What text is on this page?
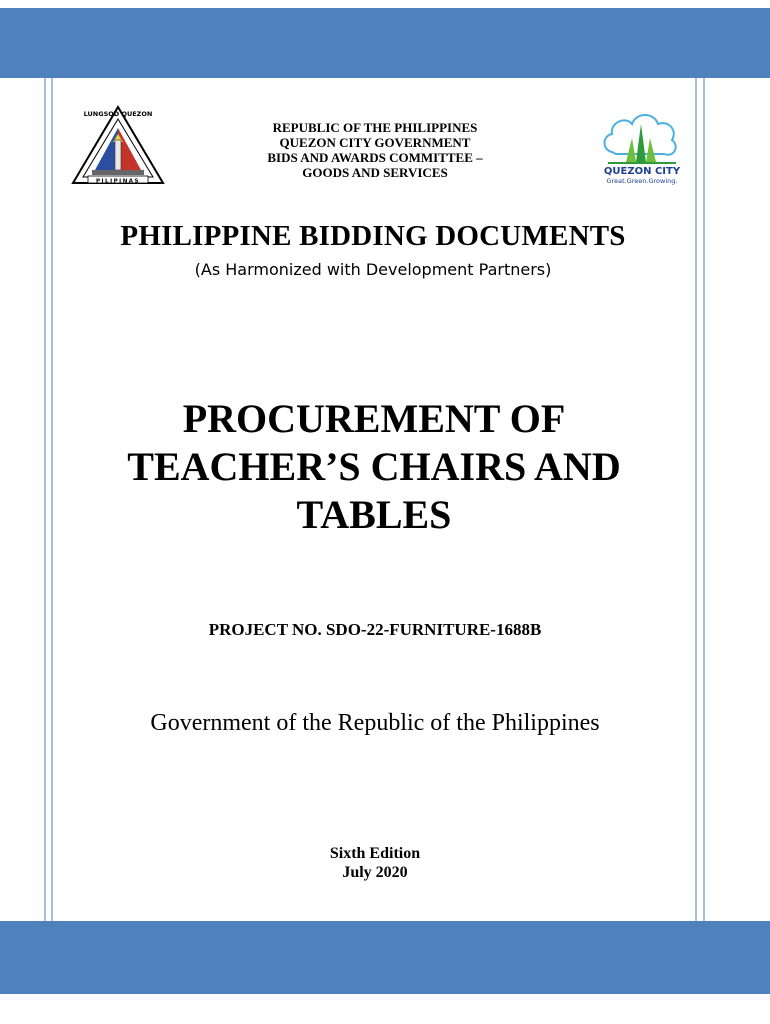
LUNGSOD QUEZON
PILIPINAS
REPUBLIC OF THE PHILIPPINES
QUEZON CITY GOVERNMENT
BIDS AND AWARDS COMMITTEE –
GOODS AND SERVICES	QUEZON CITY
Great.Green.Growing.
PHILIPPINE BIDDING DOCUMENTS
(As Harmonized with Development Partners)
PROCUREMENT OF
TEACHER’S CHAIRS AND
TABLES
PROJECT NO. SDO-22-FURNITURE-1688B
Government of the Republic of the Philippines
Sixth Edition
July 2020
